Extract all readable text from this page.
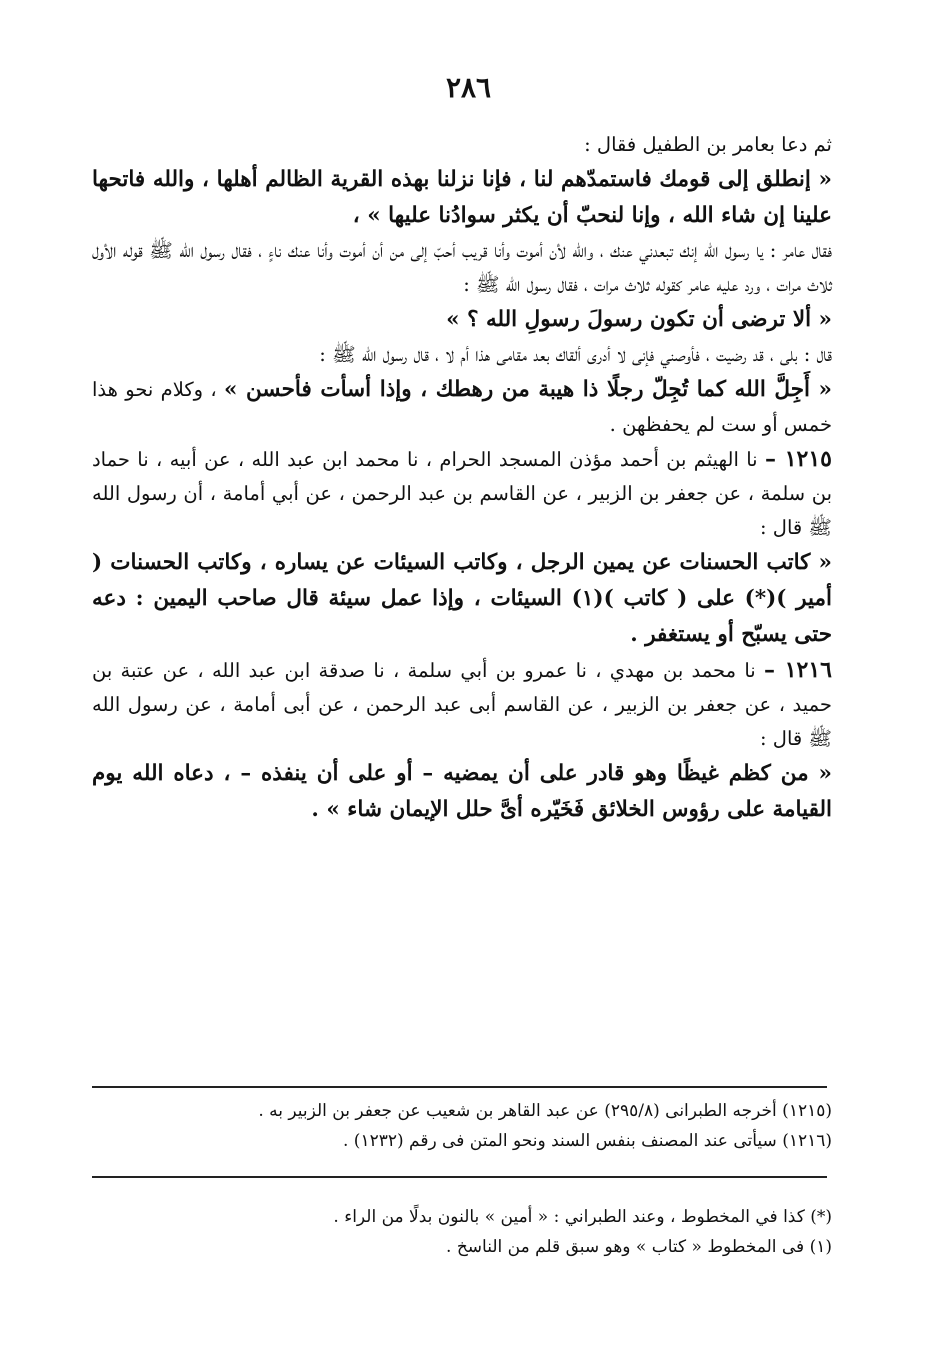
٢٨٦

ثم دعا بعامر بن الطفيل فقال :

« إنطلق إلى قومك فاستمدّهم لنا ، فإنا نزلنا بهذه القرية الظالم أهلها ، والله فاتحها علينا إن شاء الله ، وإنا لنحبّ أن يكثر سوادُنا عليها » ،

فقال عامر : يا رسول الله إنك تبعدني عنك ، والله لأن أموت وأنا قريب أحبّ إلى من أن أموت وأنا عنك ناءٍ ، فقال رسول الله ﷺ قوله الأول ثلاث مرات ، ورد عليه عامر كقوله ثلاث مرات ، فقال رسول الله ﷺ :

« ألا ترضى أن تكون رسولَ رسولِ الله ؟ »

قال : بلى ، قد رضيت ، فأوصني فإنى لا أدرى ألقاك بعد مقامى هذا أم لا ، قال رسول الله ﷺ :

« أَجِلَّ الله كما تُجِلّ رجلًا ذا هيبة من رهطك ، وإذا أسأت فأحسن » ، وكلام نحو هذا خمس أو ست لم يحفظهن .

١٢١٥ – نا الهيثم بن أحمد مؤذن المسجد الحرام ، نا محمد ابن عبد الله ، عن أبيه ، نا حماد بن سلمة ، عن جعفر بن الزبير ، عن القاسم بن عبد الرحمن ، عن أبي أمامة ، أن رسول الله ﷺ قال :

« كاتب الحسنات عن يمين الرجل ، وكاتب السيئات عن يساره ، وكاتب الحسنات ( أمير )(*) على ( كاتب )(١) السيئات ، وإذا عمل سيئة قال صاحب اليمين : دعه حتى يسبّح أو يستغفر .

١٢١٦ – نا محمد بن مهدي ، نا عمرو بن أبي سلمة ، نا صدقة ابن عبد الله ، عن عتبة بن حميد ، عن جعفر بن الزبير ، عن القاسم أبى عبد الرحمن ، عن أبى أمامة ، عن رسول الله ﷺ قال :

« من كظم غيظًا وهو قادر على أن يمضيه – أو على أن ينفذه – ، دعاه الله يوم القيامة على رؤوس الخلائق فَخَيّره أىَّ حلل الإيمان شاء » .

(١٢١٥) أخرجه الطبرانى (٢٩٥/٨) عن عبد القاهر بن شعيب عن جعفر بن الزبير به .
(١٢١٦) سيأتى عند المصنف بنفس السند ونحو المتن فى رقم (١٢٣٢) .
(*) كذا في المخطوط ، وعند الطبراني : « أمين » بالنون بدلًا من الراء .
(١) فى المخطوط « كتاب » وهو سبق قلم من الناسخ .
